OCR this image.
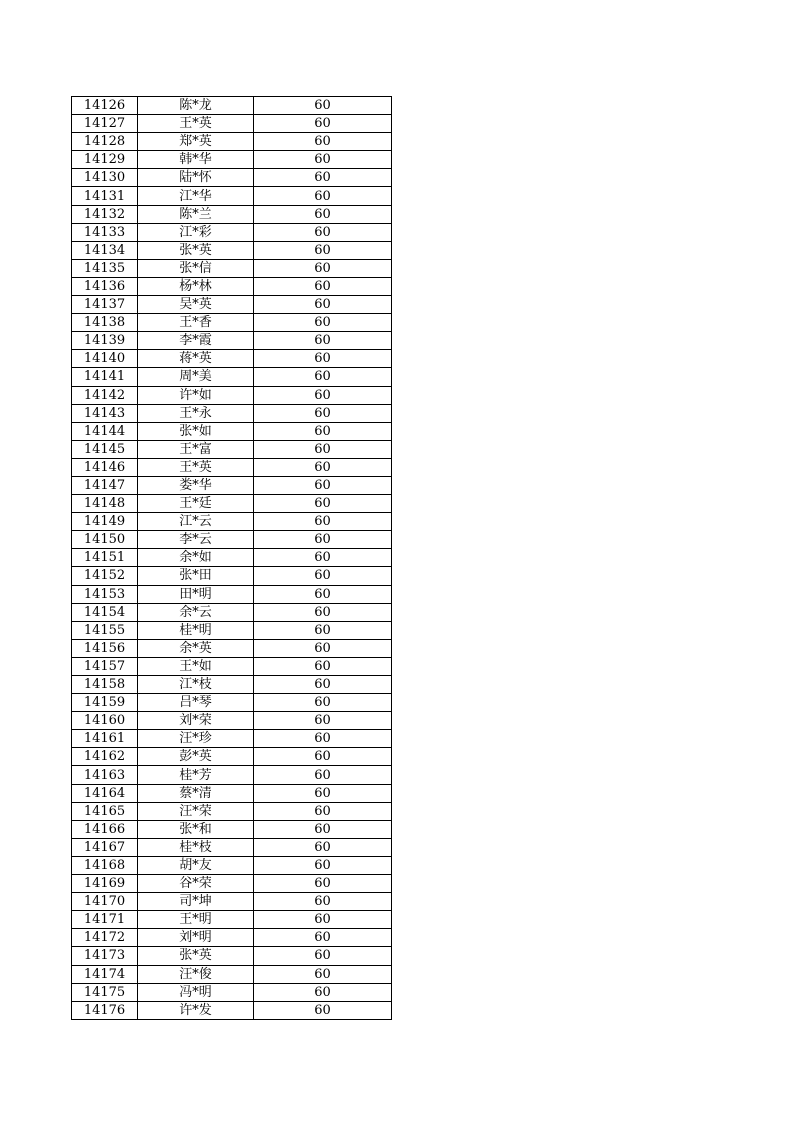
14126	陈*龙	60
14127	王*英	60
14128	郑*英	60
14129	韩*华	60
14130	陆*怀	60
14131	江*华	60
14132	陈*兰	60
14133	江*彩	60
14134	张*英	60
14135	张*信	60
14136	杨*林	60
14137	吴*英	60
14138	王*香	60
14139	李*霞	60
14140	蒋*英	60
14141	周*美	60
14142	许*如	60
14143	王*永	60
14144	张*如	60
14145	王*富	60
14146	王*英	60
14147	娄*华	60
14148	王*廷	60
14149	江*云	60
14150	李*云	60
14151	余*如	60
14152	张*田	60
14153	田*明	60
14154	余*云	60
14155	桂*明	60
14156	余*英	60
14157	王*如	60
14158	江*枝	60
14159	吕*琴	60
14160	刘*荣	60
14161	汪*珍	60
14162	彭*英	60
14163	桂*芳	60
14164	蔡*清	60
14165	汪*荣	60
14166	张*和	60
14167	桂*枝	60
14168	胡*友	60
14169	谷*荣	60
14170	司*坤	60
14171	王*明	60
14172	刘*明	60
14173	张*英	60
14174	汪*俊	60
14175	冯*明	60
14176	许*发	60
